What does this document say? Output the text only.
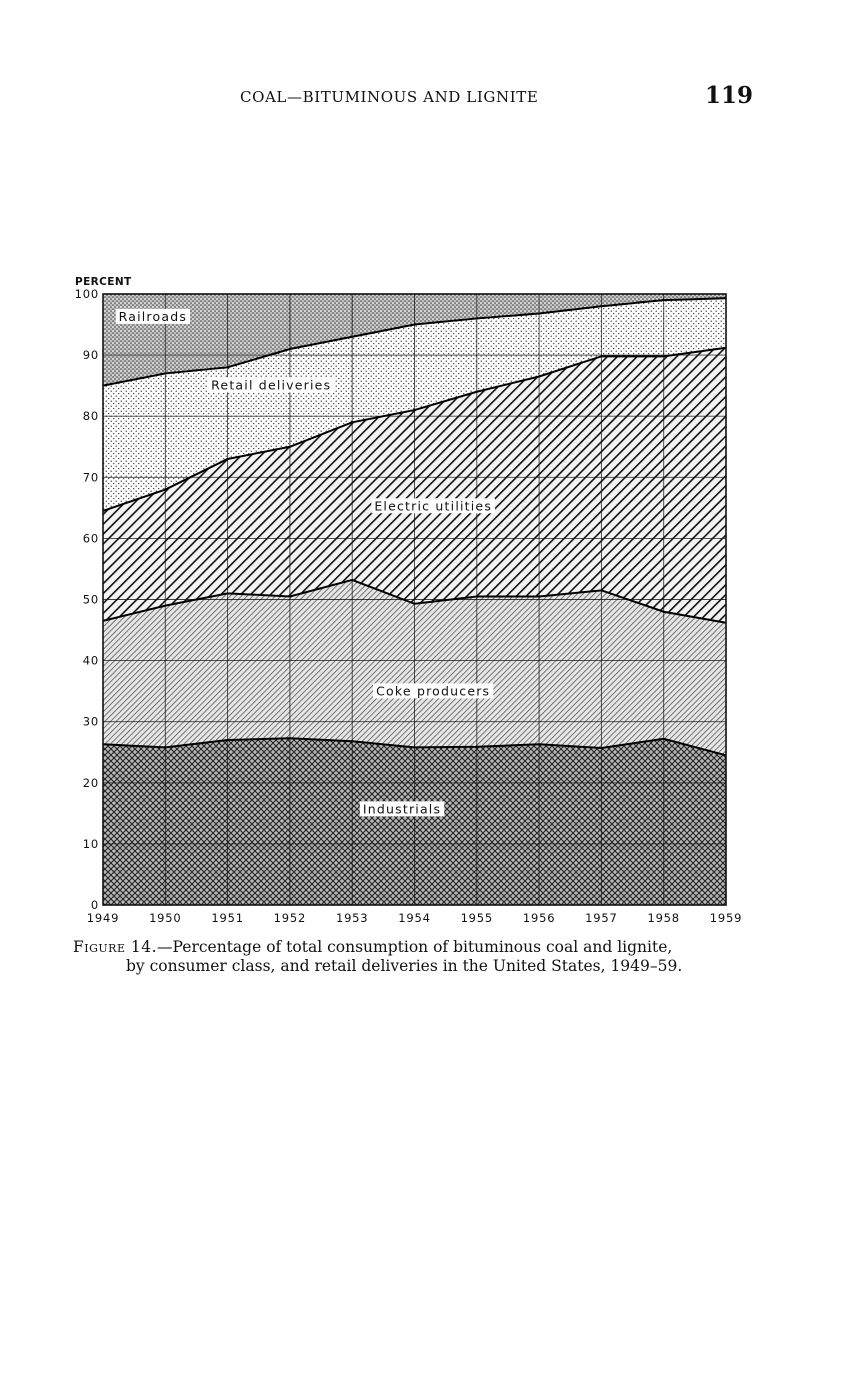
COAL—BITUMINOUS AND LIGNITE	119
0
10
20
30
40
50
60
70
80
90
100
1949	1950	1951	1952	1953	1954	1955	1956	1957	1958	1959
Railroads
Retail deliveries
Electric utilities
Coke producers
Industrials
PERCENT
Figure 14.—Percentage of total consumption of bituminous coal and lignite,
by consumer class, and retail deliveries in the United States, 1949–59.
